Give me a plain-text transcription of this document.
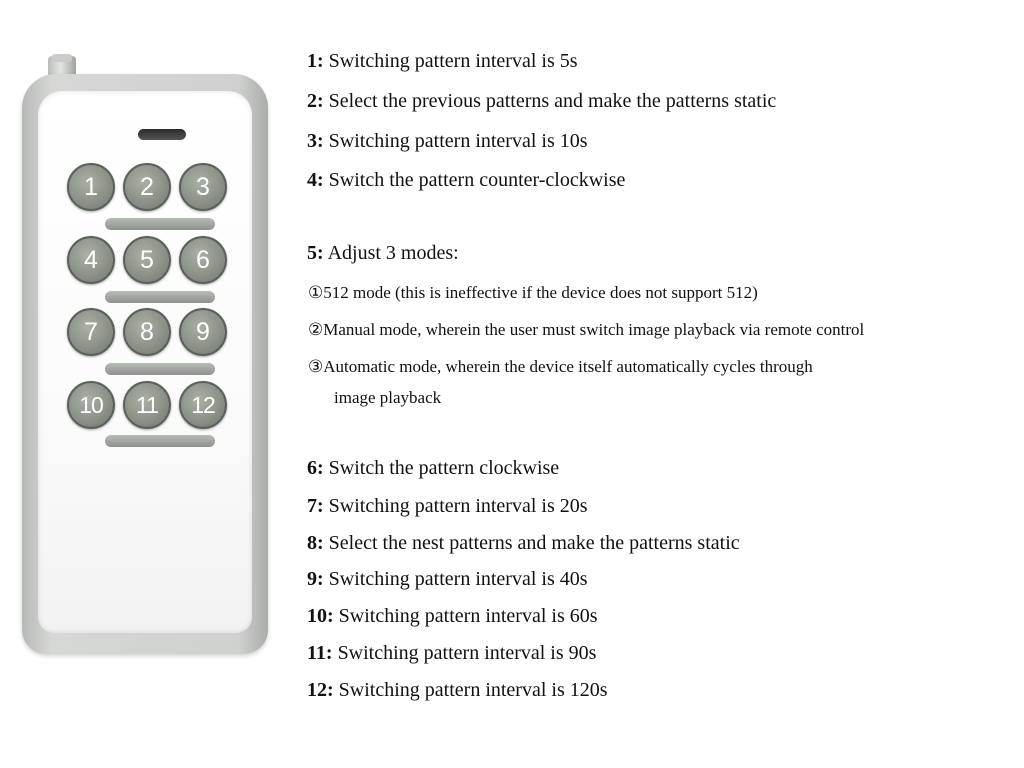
1	2	3
4	5	6
7	8	9
10	11	12
1: Switching pattern interval is 5s
2: Select the previous patterns and make the patterns static
3: Switching pattern interval is 10s
4: Switch the pattern counter-clockwise
5: Adjust 3 modes:
①512 mode (this is ineffective if the device does not support 512)
②Manual mode, wherein the user must switch image playback via remote control
③Automatic mode, wherein the device itself automatically cycles through
image playback
6: Switch the pattern clockwise
7: Switching pattern interval is 20s
8: Select the nest patterns and make the patterns static
9: Switching pattern interval is 40s
10: Switching pattern interval is 60s
11: Switching pattern interval is 90s
12: Switching pattern interval is 120s
